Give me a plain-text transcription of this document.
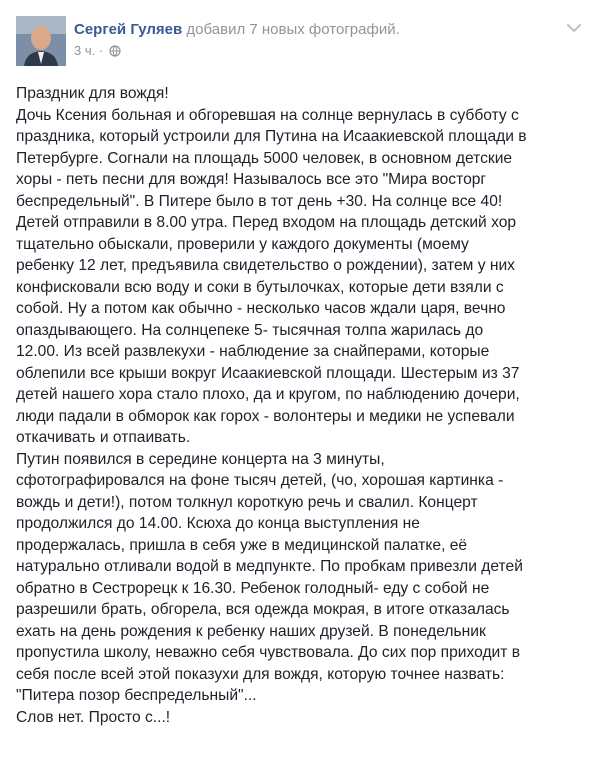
Сергей Гуляев добавил 7 новых фотографий.
3 ч. ·

Праздник для вождя!

Дочь Ксения больная и обгоревшая на солнце вернулась в субботу с

праздника, который устроили для Путина на Исаакиевской площади в

Петербурге. Согнали на площадь 5000 человек, в основном детские

хоры - петь песни для вождя! Называлось все это "Мира восторг

беспредельный". В Питере было в тот день +30. На солнце все 40!

Детей отправили в 8.00 утра. Перед входом на площадь детский хор

тщательно обыскали, проверили у каждого документы (моему

ребенку 12 лет, предъявила свидетельство о рождении), затем у них

конфисковали всю воду и соки в бутылочках, которые дети взяли с

собой. Ну а потом как обычно - несколько часов ждали царя, вечно

опаздывающего. На солнцепеке 5- тысячная толпа жарилась до

12.00. Из всей развлекухи - наблюдение за снайперами, которые

облепили все крыши вокруг Исаакиевской площади. Шестерым из 37

детей нашего хора стало плохо, да и кругом, по наблюдению дочери,

люди падали в обморок как горох - волонтеры и медики не успевали

откачивать и отпаивать.

Путин появился в середине концерта на 3 минуты,

сфотографировался на фоне тысяч детей, (чо, хорошая картинка -

вождь и дети!), потом толкнул короткую речь и свалил. Концерт

продолжился до 14.00. Ксюха до конца выступления не

продержалась, пришла в себя уже в медицинской палатке, её

натурально отливали водой в медпункте. По пробкам привезли детей

обратно в Сестрорецк к 16.30. Ребенок голодный- еду с собой не

разрешили брать, обгорела, вся одежда мокрая, в итоге отказалась

ехать на день рождения к ребенку наших друзей. В понедельник

пропустила школу, неважно себя чувствовала. До сих пор приходит в

себя после всей этой показухи для вождя, которую точнее назвать:

"Питера позор беспредельный"...

Слов нет. Просто с...!
